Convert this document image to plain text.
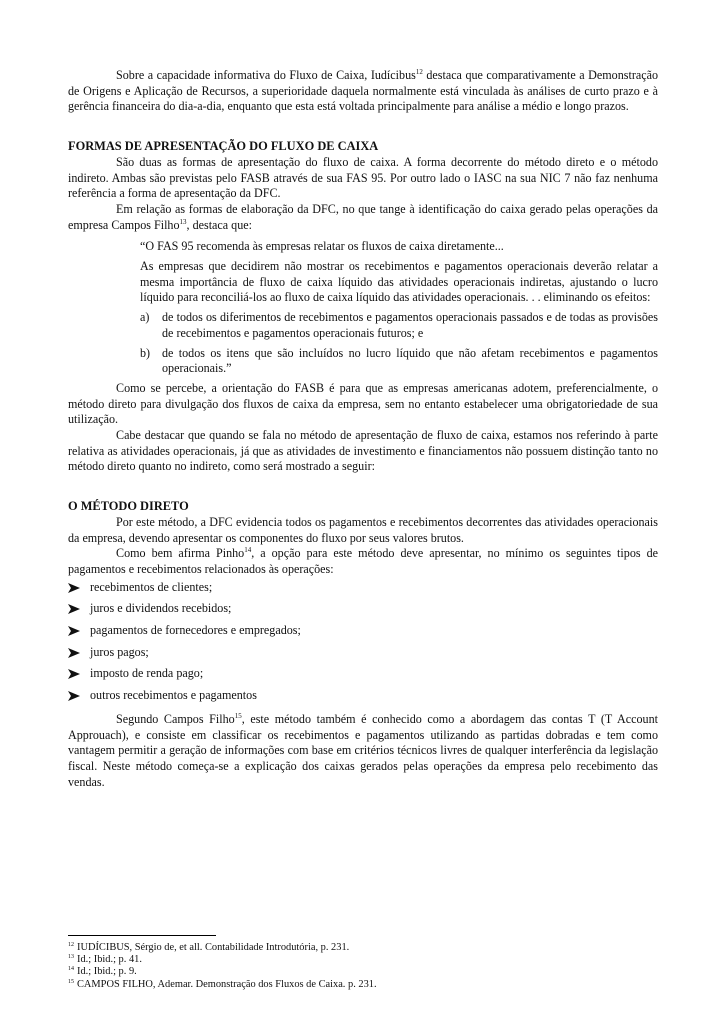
Sobre a capacidade informativa do Fluxo de Caixa, Iudícibus$^{12}$ destaca que comparativamente a Demonstração de Origens e Aplicação de Recursos, a superioridade daquela normalmente está vinculada às análises de curto prazo e à gerência financeira do dia-a-dia, enquanto que esta está voltada principalmente para análise a médio e longo prazos.

FORMAS DE APRESENTAÇÃO DO FLUXO DE CAIXA

São duas as formas de apresentação do fluxo de caixa. A forma decorrente do método direto e o método indireto. Ambas são previstas pelo FASB através de sua FAS 95. Por outro lado o IASC na sua NIC 7 não faz nenhuma referência a forma de apresentação da DFC.

Em relação as formas de elaboração da DFC, no que tange à identificação do caixa gerado pelas operações da empresa Campos Filho$^{13}$, destaca que:

“O FAS 95 recomenda às empresas relatar os fluxos de caixa diretamente...

As empresas que decidirem não mostrar os recebimentos e pagamentos operacionais deverão relatar a mesma importância de fluxo de caixa líquido das atividades operacionais indiretas, ajustando o lucro líquido para reconciliá-los ao fluxo de caixa líquido das atividades operacionais. . . eliminando os efeitos:

a) de todos os diferimentos de recebimentos e pagamentos operacionais passados e de todas as provisões de recebimentos e pagamentos operacionais futuros; e
b) de todos os itens que são incluídos no lucro líquido que não afetam recebimentos e pagamentos operacionais.”

Como se percebe, a orientação do FASB é para que as empresas americanas adotem, preferencialmente, o método direto para divulgação dos fluxos de caixa da empresa, sem no entanto estabelecer uma obrigatoriedade de sua utilização.

Cabe destacar que quando se fala no método de apresentação de fluxo de caixa, estamos nos referindo à parte relativa as atividades operacionais, já que as atividades de investimento e financiamentos não possuem distinção tanto no método direto quanto no indireto, como será mostrado a seguir:

O MÉTODO DIRETO

Por este método, a DFC evidencia todos os pagamentos e recebimentos decorrentes das atividades operacionais da empresa, devendo apresentar os componentes do fluxo por seus valores brutos.

Como bem afirma Pinho$^{14}$, a opção para este método deve apresentar, no mínimo os seguintes tipos de pagamentos e recebimentos relacionados às operações:

recebimentos de clientes;
juros e dividendos recebidos;
pagamentos de fornecedores e empregados;
juros pagos;
imposto de renda pago;
outros recebimentos e pagamentos

Segundo Campos Filho$^{15}$, este método também é conhecido como a abordagem das contas T (T Account Approuach), e consiste em classificar os recebimentos e pagamentos utilizando as partidas dobradas e tem como vantagem permitir a geração de informações com base em critérios técnicos livres de qualquer interferência da legislação fiscal. Neste método começa-se a explicação dos caixas gerados pelas operações da empresa pelo recebimento das vendas.

$^{12}$ IUDÍCIBUS, Sérgio de, et all. Contabilidade Introdutória, p. 231.
$^{13}$ Id.; Ibid.; p. 41.
$^{14}$ Id.; Ibid.; p. 9.
$^{15}$ CAMPOS FILHO, Ademar. Demonstração dos Fluxos de Caixa. p. 231.
